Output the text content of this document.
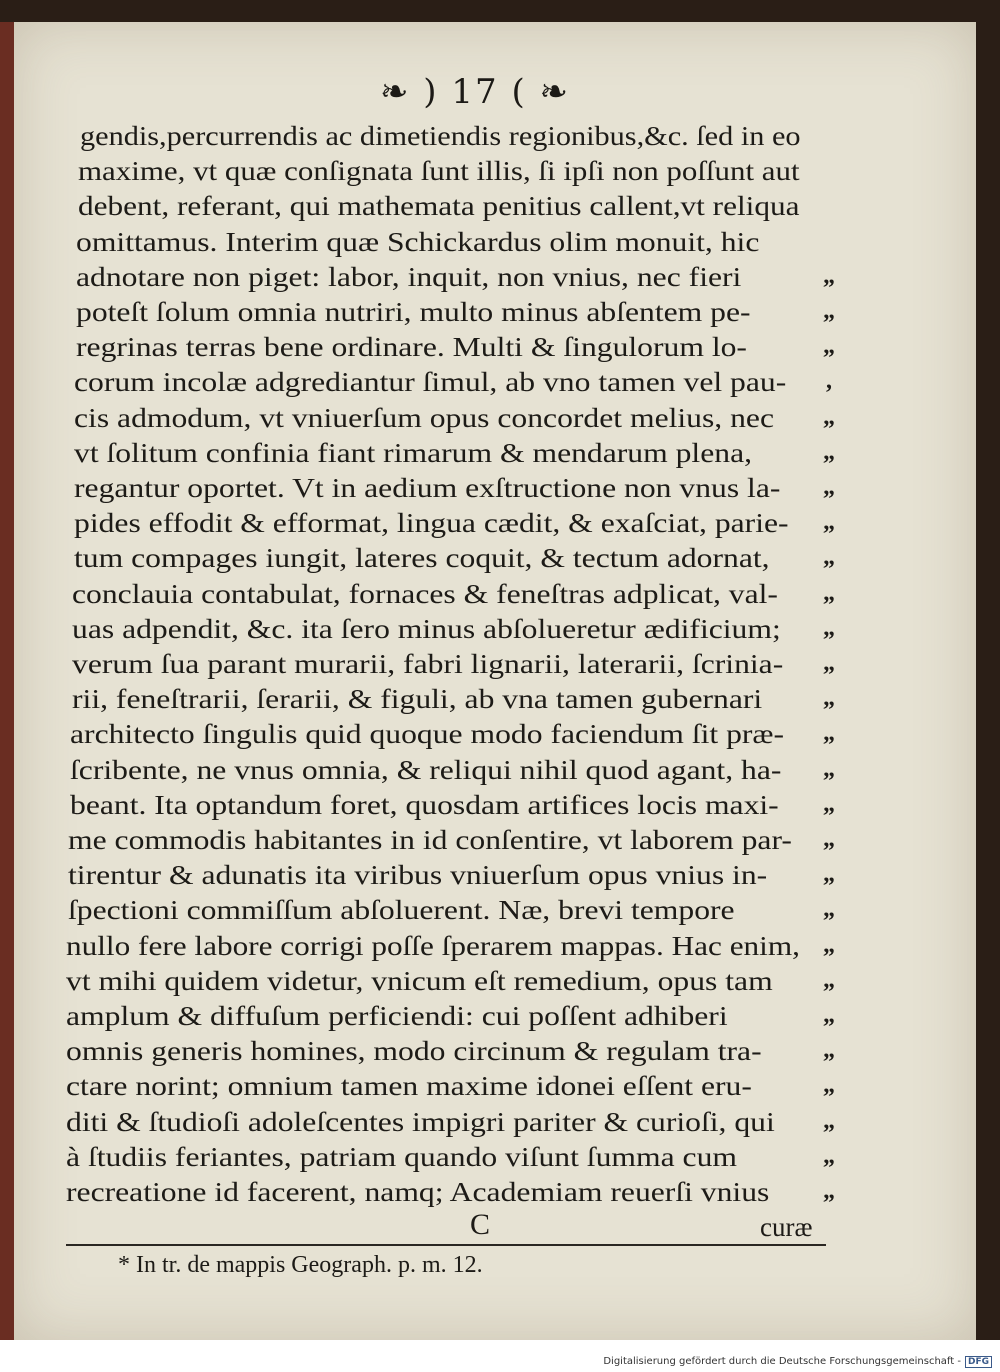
❧ ) 17 ( ❧
gendis,percurrendis ac dimetiendis regionibus,&c. ſed in eo
maxime, vt quæ conſignata ſunt illis, ſi ipſi non poſſunt aut
debent, referant, qui mathemata penitius callent,vt reliqua
omittamus. Interim quæ Schickardus olim monuit, hic
adnotare non piget: labor, inquit, non vnius, nec fieri
poteſt ſolum omnia nutriri, multo minus abſentem pe-
regrinas terras bene ordinare. Multi & ſingulorum lo-
corum incolæ adgrediantur ſimul, ab vno tamen vel pau-
cis admodum, vt vniuerſum opus concordet melius, nec
vt ſolitum confinia fiant rimarum & mendarum plena,
regantur oportet. Vt in aedium exſtructione non vnus la-
pides effodit & efformat, lingua cædit, & exaſciat, parie-
tum compages iungit, lateres coquit, & tectum adornat,
conclauia contabulat, fornaces & feneſtras adplicat, val-
uas adpendit, &c. ita ſero minus abſolueretur ædificium;
verum ſua parant murarii, fabri lignarii, laterarii, ſcrinia-
rii, feneſtrarii, ſerarii, & figuli, ab vna tamen gubernari
architecto ſingulis quid quoque modo faciendum ſit præ-
ſcribente, ne vnus omnia, & reliqui nihil quod agant, ha-
beant. Ita optandum foret, quosdam artifices locis maxi-
me commodis habitantes in id conſentire, vt laborem par-
tirentur & adunatis ita viribus vniuerſum opus vnius in-
ſpectioni commiſſum abſoluerent. Næ, brevi tempore
nullo fere labore corrigi poſſe ſperarem mappas. Hac enim,
vt mihi quidem videtur, vnicum eſt remedium, opus tam
amplum & diffuſum perficiendi: cui poſſent adhiberi
omnis generis homines, modo circinum & regulam tra-
ctare norint; omnium tamen maxime idonei eſſent eru-
diti & ſtudioſi adoleſcentes impigri pariter & curioſi, qui
à ſtudiis feriantes, patriam quando viſunt ſumma cum
recreatione id facerent, namq; Academiam reuerſi vnius
„
„
„
,
„
„
„
„
„
„
„
„
„
„
„
„
„
„
„
„
„
„
„
„
„
„
„
C	curæ
* In tr. de mappis Geograph. p. m. 12.
Digitalisierung gefördert durch die Deutsche Forschungsgemeinschaft - DFG
